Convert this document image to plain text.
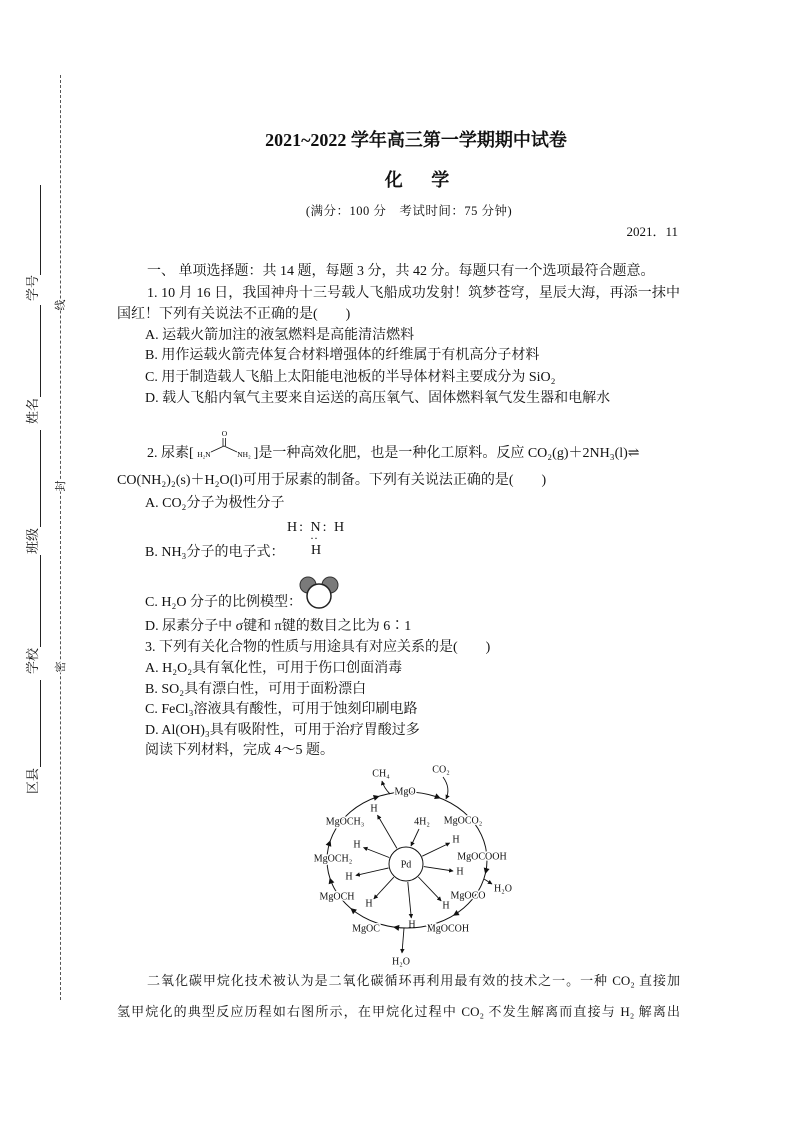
学号
姓名
班级
学校
区县
线
封
密
2021~2022 学年高三第一学期期中试卷
化 学
(满分：100 分　考试时间：75 分钟)
2021．11
一、 单项选择题：共 14 题，每题 3 分，共 42 分。每题只有一个选项最符合题意。
1. 10 月 16 日，我国神舟十三号载人飞船成功发射！筑梦苍穹，星辰大海，再添一抹中
国红！下列有关说法不正确的是(　　)
A. 运载火箭加注的液氢燃料是高能清洁燃料
B. 用作运载火箭壳体复合材料增强体的纤维属于有机高分子材料
C. 用于制造载人飞船上太阳能电池板的半导体材料主要成分为 SiO₂
D. 载人飞船内氧气主要来自运送的高压氧气、固体燃料氧气发生器和电解水
2. 尿素[
O
H₂N	NH₂ ]是一种高效化肥，也是一种化工原料。反应 CO₂(g)＋2NH₃(l)⇌
CO(NH₂)₂(s)＋H₂O(l)可用于尿素的制备。下列有关说法正确的是(　　)
A. CO₂分子为极性分子
H: N: H
··
H
B. NH₃分子的电子式：
C. H₂O 分子的比例模型：
D. 尿素分子中 σ键和 π键的数目之比为 6∶1
3. 下列有关化合物的性质与用途具有对应关系的是(　　)
A. H₂O₂具有氧化性，可用于伤口创面消毒
B. SO₂具有漂白性，可用于面粉漂白
C. FeCl₃溶液具有酸性，可用于蚀刻印刷电路
D. Al(OH)₃具有吸附性，可用于治疗胃酸过多
阅读下列材料，完成 4～5 题。
CH₄	CO₂
MgO
MgOCO₂
MgOCOOH
H₂O
MgOCO
MgOCOH
H₂O
MgOC
MgOCH
MgOCH₂
MgOCH₃	4H₂
Pd
H
H
H
H
H
H	H
H
二氧化碳甲烷化技术被认为是二氧化碳循环再利用最有效的技术之一。一种 CO₂ 直接加
氢甲烷化的典型反应历程如右图所示，在甲烷化过程中 CO₂ 不发生解离而直接与 H₂ 解离出
